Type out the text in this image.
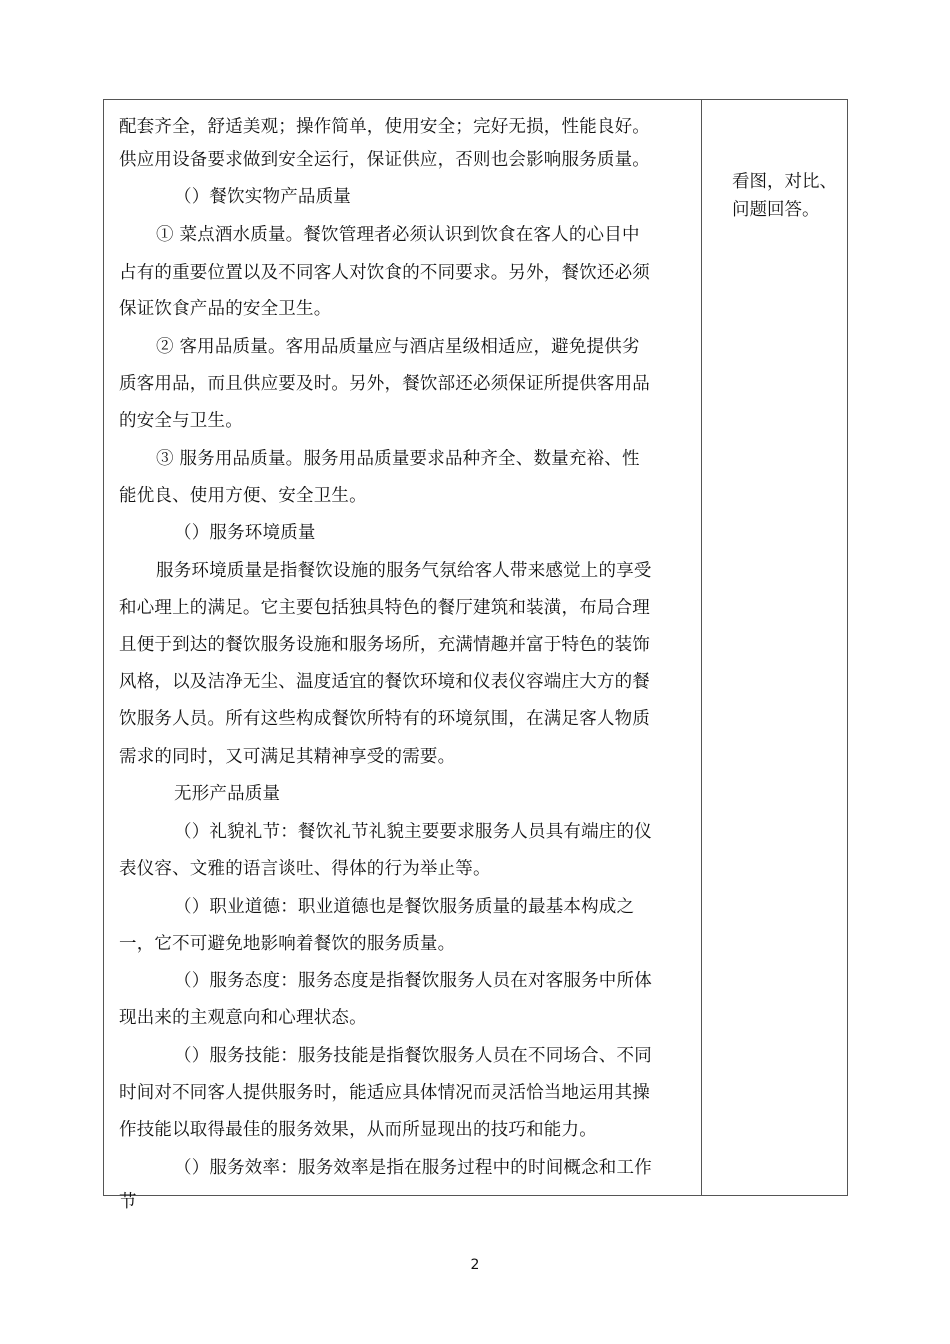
配套齐全，舒适美观；操作简单，使用安全；完好无损，性能良好。
供应用设备要求做到安全运行，保证供应，否则也会影响服务质量。
（）餐饮实物产品质量
① 菜点酒水质量。餐饮管理者必须认识到饮食在客人的心目中
占有的重要位置以及不同客人对饮食的不同要求。另外，餐饮还必须
保证饮食产品的安全卫生。
② 客用品质量。客用品质量应与酒店星级相适应，避免提供劣
质客用品，而且供应要及时。另外，餐饮部还必须保证所提供客用品
的安全与卫生。
③ 服务用品质量。服务用品质量要求品种齐全、数量充裕、性
能优良、使用方便、安全卫生。
（）服务环境质量
服务环境质量是指餐饮设施的服务气氛给客人带来感觉上的享受
和心理上的满足。它主要包括独具特色的餐厅建筑和装潢，布局合理
且便于到达的餐饮服务设施和服务场所，充满情趣并富于特色的装饰
风格，以及洁净无尘、温度适宜的餐饮环境和仪表仪容端庄大方的餐
饮服务人员。所有这些构成餐饮所特有的环境氛围，在满足客人物质
需求的同时，又可满足其精神享受的需要。
无形产品质量
（）礼貌礼节：餐饮礼节礼貌主要要求服务人员具有端庄的仪
表仪容、文雅的语言谈吐、得体的行为举止等。
（）职业道德：职业道德也是餐饮服务质量的最基本构成之
一，它不可避免地影响着餐饮的服务质量。
（）服务态度：服务态度是指餐饮服务人员在对客服务中所体
现出来的主观意向和心理状态。
（）服务技能：服务技能是指餐饮服务人员在不同场合、不同
时间对不同客人提供服务时，能适应具体情况而灵活恰当地运用其操
作技能以取得最佳的服务效果，从而所显现出的技巧和能力。
（）服务效率：服务效率是指在服务过程中的时间概念和工作
节
看图，对比、问题回答。
2
